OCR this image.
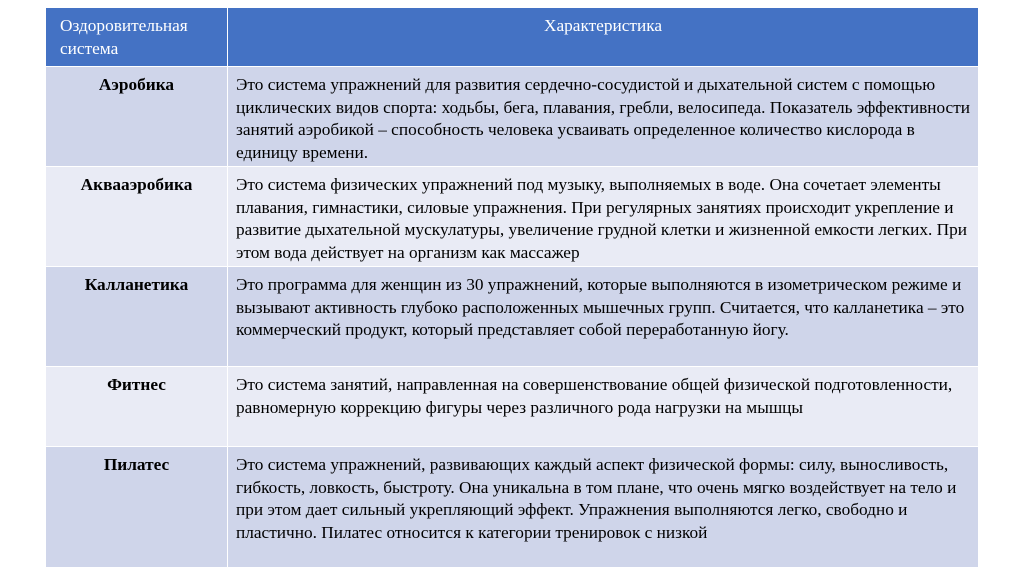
Оздоровительная система	Характеристика
Аэробика	Это система упражнений для развития сердечно-сосудистой и дыхательной систем с помощью циклических видов спорта: ходьбы, бега, плавания, гребли, велосипеда. Показатель эффективности занятий аэробикой – способность человека усваивать определенное количество кислорода в единицу времени.
Аквааэробика	Это система физических упражнений под музыку, выполняемых в воде. Она сочетает элементы плавания, гимнастики, силовые упражнения. При регулярных занятиях происходит укрепление и развитие дыхательной мускулатуры, увеличение грудной клетки и жизненной емкости легких. При этом вода действует на организм как массажер
Калланетика	Это программа для женщин из 30 упражнений, которые выполняются в изометрическом режиме и вызывают активность глубоко расположенных мышечных групп. Считается, что калланетика – это коммерческий продукт, который представляет собой переработанную йогу.
Фитнес	Это система занятий, направленная на совершенствование общей физической подготовленности, равномерную коррекцию фигуры через различного рода нагрузки на мышцы
Пилатес	Это система упражнений, развивающих каждый аспект физической формы: силу, выносливость, гибкость, ловкость, быстроту. Она уникальна в том плане, что очень мягко воздействует на тело и при этом дает сильный укрепляющий эффект. Упражнения выполняются легко, свободно и пластично. Пилатес относится к категории тренировок с низкой
